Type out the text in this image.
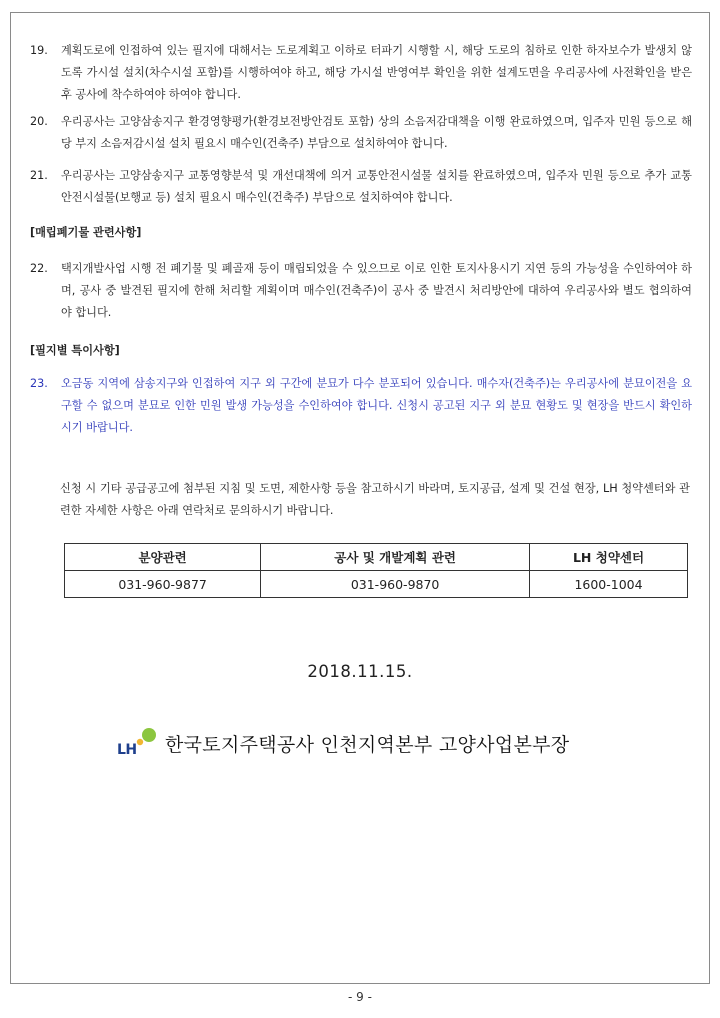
19.	계획도로에 인접하여 있는 필지에 대해서는 도로계획고 이하로 터파기 시행할 시, 해당 도로의 침하로 인한 하자보수가 발생치 않도록 가시설 설치(차수시설 포함)를 시행하여야 하고, 해당 가시설 반영여부 확인을 위한 설계도면을 우리공사에 사전확인을 받은 후 공사에 착수하여야 하여야 합니다.
20.	우리공사는 고양삼송지구 환경영향평가(환경보전방안검토 포함) 상의 소음저감대책을 이행 완료하였으며, 입주자 민원 등으로 해당 부지 소음저감시설 설치 필요시 매수인(건축주) 부담으로 설치하여야 합니다.
21.	우리공사는 고양삼송지구 교통영향분석 및 개선대책에 의거 교통안전시설물 설치를 완료하였으며, 입주자 민원 등으로 추가 교통안전시설물(보행교 등) 설치 필요시 매수인(건축주) 부담으로 설치하여야 합니다.
[매립폐기물 관련사항]
22.	택지개발사업 시행 전 폐기물 및 폐골재 등이 매립되었을 수 있으므로 이로 인한 토지사용시기 지연 등의 가능성을 수인하여야 하며, 공사 중 발견된 필지에 한해 처리할 계획이며 매수인(건축주)이 공사 중 발견시 처리방안에 대하여 우리공사와 별도 협의하여야 합니다.
[필지별 특이사항]
23.	오금동 지역에 삼송지구와 인접하여 지구 외 구간에 분묘가 다수 분포되어 있습니다. 매수자(건축주)는 우리공사에 분묘이전을 요구할 수 없으며 분묘로 인한 민원 발생 가능성을 수인하여야 합니다. 신청시 공고된 지구 외 분묘 현황도 및 현장을 반드시 확인하시기 바랍니다.
신청 시 기타 공급공고에 첨부된 지침 및 도면, 제한사항 등을 참고하시기 바라며, 토지공급, 설계 및 건설 현장, LH 청약센터와 관련한 자세한 사항은 아래 연락처로 문의하시기 바랍니다.
분양관련	공사 및 개발계획 관련	LH 청약센터
031-960-9877	031-960-9870	1600-1004
2018.11.15.
LH 한국토지주택공사 인천지역본부 고양사업본부장
- 9 -
